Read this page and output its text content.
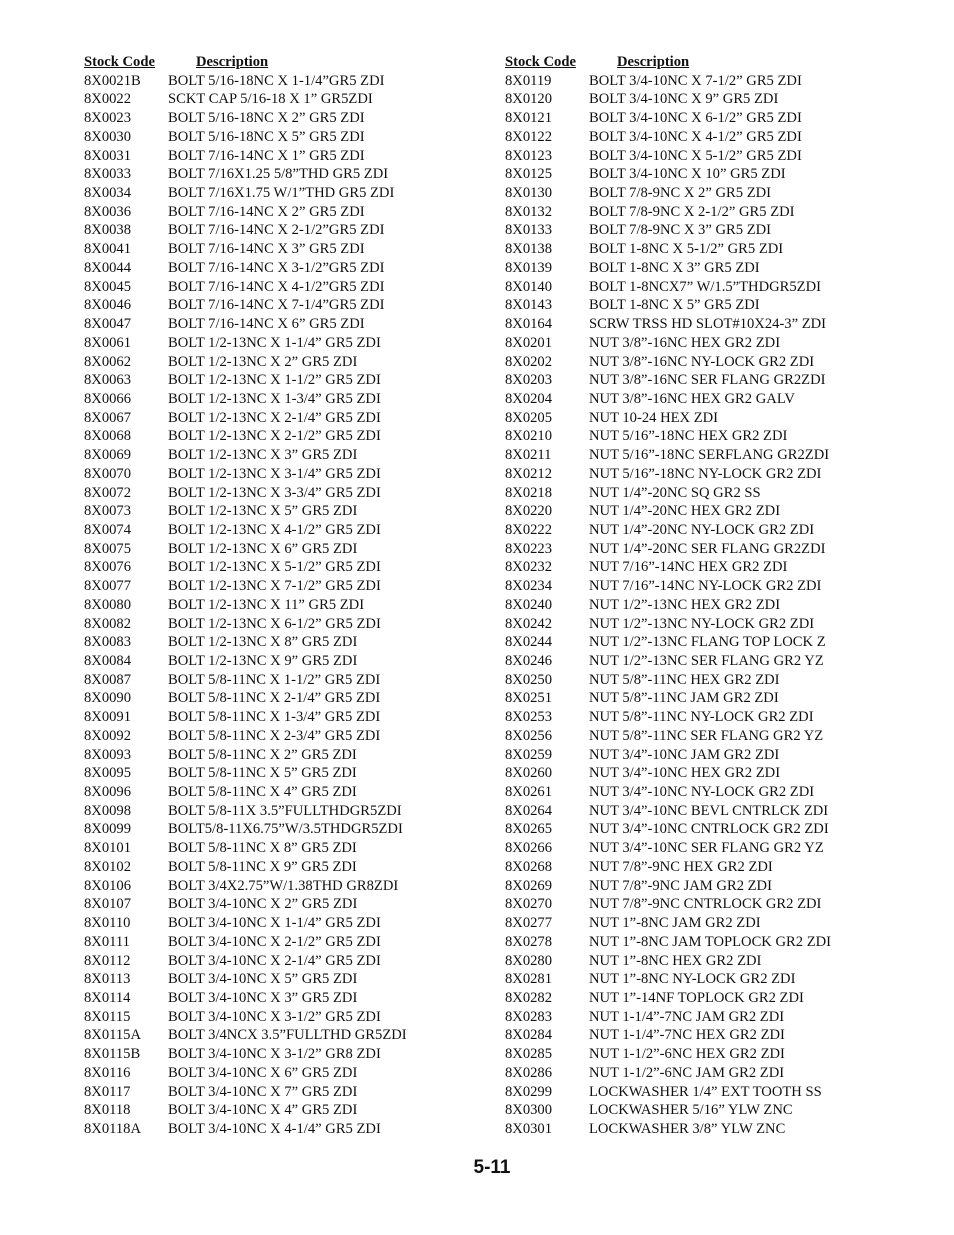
Stock Code	Description
8X0021B	BOLT 5/16-18NC X 1-1/4”GR5 ZDI
8X0022	SCKT CAP 5/16-18 X 1” GR5ZDI
8X0023	BOLT 5/16-18NC X 2” GR5 ZDI
8X0030	BOLT 5/16-18NC X 5” GR5 ZDI
8X0031	BOLT 7/16-14NC X 1” GR5 ZDI
8X0033	BOLT 7/16X1.25 5/8”THD GR5 ZDI
8X0034	BOLT 7/16X1.75 W/1”THD GR5 ZDI
8X0036	BOLT 7/16-14NC X 2” GR5 ZDI
8X0038	BOLT 7/16-14NC X 2-1/2”GR5 ZDI
8X0041	BOLT 7/16-14NC X 3” GR5 ZDI
8X0044	BOLT 7/16-14NC X 3-1/2”GR5 ZDI
8X0045	BOLT 7/16-14NC X 4-1/2”GR5 ZDI
8X0046	BOLT 7/16-14NC X 7-1/4”GR5 ZDI
8X0047	BOLT 7/16-14NC X 6” GR5 ZDI
8X0061	BOLT 1/2-13NC X 1-1/4” GR5 ZDI
8X0062	BOLT 1/2-13NC X 2” GR5 ZDI
8X0063	BOLT 1/2-13NC X 1-1/2” GR5 ZDI
8X0066	BOLT 1/2-13NC X 1-3/4” GR5 ZDI
8X0067	BOLT 1/2-13NC X 2-1/4” GR5 ZDI
8X0068	BOLT 1/2-13NC X 2-1/2” GR5 ZDI
8X0069	BOLT 1/2-13NC X 3” GR5 ZDI
8X0070	BOLT 1/2-13NC X 3-1/4” GR5 ZDI
8X0072	BOLT 1/2-13NC X 3-3/4” GR5 ZDI
8X0073	BOLT 1/2-13NC X 5” GR5 ZDI
8X0074	BOLT 1/2-13NC X 4-1/2” GR5 ZDI
8X0075	BOLT 1/2-13NC X 6” GR5 ZDI
8X0076	BOLT 1/2-13NC X 5-1/2” GR5 ZDI
8X0077	BOLT 1/2-13NC X 7-1/2” GR5 ZDI
8X0080	BOLT 1/2-13NC X 11” GR5 ZDI
8X0082	BOLT 1/2-13NC X 6-1/2” GR5 ZDI
8X0083	BOLT 1/2-13NC X 8” GR5 ZDI
8X0084	BOLT 1/2-13NC X 9” GR5 ZDI
8X0087	BOLT 5/8-11NC X 1-1/2” GR5 ZDI
8X0090	BOLT 5/8-11NC X 2-1/4” GR5 ZDI
8X0091	BOLT 5/8-11NC X 1-3/4” GR5 ZDI
8X0092	BOLT 5/8-11NC X 2-3/4” GR5 ZDI
8X0093	BOLT 5/8-11NC X 2” GR5 ZDI
8X0095	BOLT 5/8-11NC X 5” GR5 ZDI
8X0096	BOLT 5/8-11NC X 4” GR5 ZDI
8X0098	BOLT 5/8-11X 3.5”FULLTHDGR5ZDI
8X0099	BOLT5/8-11X6.75”W/3.5THDGR5ZDI
8X0101	BOLT 5/8-11NC X 8” GR5 ZDI
8X0102	BOLT 5/8-11NC X 9” GR5 ZDI
8X0106	BOLT 3/4X2.75”W/1.38THD GR8ZDI
8X0107	BOLT 3/4-10NC X 2” GR5 ZDI
8X0110	BOLT 3/4-10NC X 1-1/4” GR5 ZDI
8X0111	BOLT 3/4-10NC X 2-1/2” GR5 ZDI
8X0112	BOLT 3/4-10NC X 2-1/4” GR5 ZDI
8X0113	BOLT 3/4-10NC X 5” GR5 ZDI
8X0114	BOLT 3/4-10NC X 3” GR5 ZDI
8X0115	BOLT 3/4-10NC X 3-1/2” GR5 ZDI
8X0115A	BOLT 3/4NCX 3.5”FULLTHD GR5ZDI
8X0115B	BOLT 3/4-10NC X 3-1/2” GR8 ZDI
8X0116	BOLT 3/4-10NC X 6” GR5 ZDI
8X0117	BOLT 3/4-10NC X 7” GR5 ZDI
8X0118	BOLT 3/4-10NC X 4” GR5 ZDI
8X0118A	BOLT 3/4-10NC X 4-1/4” GR5 ZDI
Stock Code	Description
8X0119	BOLT 3/4-10NC X 7-1/2” GR5 ZDI
8X0120	BOLT 3/4-10NC X 9” GR5 ZDI
8X0121	BOLT 3/4-10NC X 6-1/2” GR5 ZDI
8X0122	BOLT 3/4-10NC X 4-1/2” GR5 ZDI
8X0123	BOLT 3/4-10NC X 5-1/2” GR5 ZDI
8X0125	BOLT 3/4-10NC X 10” GR5 ZDI
8X0130	BOLT 7/8-9NC X 2” GR5 ZDI
8X0132	BOLT 7/8-9NC X 2-1/2” GR5 ZDI
8X0133	BOLT 7/8-9NC X 3” GR5 ZDI
8X0138	BOLT 1-8NC X 5-1/2” GR5 ZDI
8X0139	BOLT 1-8NC X 3” GR5 ZDI
8X0140	BOLT 1-8NCX7” W/1.5”THDGR5ZDI
8X0143	BOLT 1-8NC X 5” GR5 ZDI
8X0164	SCRW TRSS HD SLOT#10X24-3” ZDI
8X0201	NUT 3/8”-16NC HEX GR2 ZDI
8X0202	NUT 3/8”-16NC NY-LOCK GR2 ZDI
8X0203	NUT 3/8”-16NC SER FLANG GR2ZDI
8X0204	NUT 3/8”-16NC HEX GR2 GALV
8X0205	NUT 10-24 HEX ZDI
8X0210	NUT 5/16”-18NC HEX GR2 ZDI
8X0211	NUT 5/16”-18NC SERFLANG GR2ZDI
8X0212	NUT 5/16”-18NC NY-LOCK GR2 ZDI
8X0218	NUT 1/4”-20NC SQ GR2 SS
8X0220	NUT 1/4”-20NC HEX GR2 ZDI
8X0222	NUT 1/4”-20NC NY-LOCK GR2 ZDI
8X0223	NUT 1/4”-20NC SER FLANG GR2ZDI
8X0232	NUT 7/16”-14NC HEX GR2 ZDI
8X0234	NUT 7/16”-14NC NY-LOCK GR2 ZDI
8X0240	NUT 1/2”-13NC HEX GR2 ZDI
8X0242	NUT 1/2”-13NC NY-LOCK GR2 ZDI
8X0244	NUT 1/2”-13NC FLANG TOP LOCK Z
8X0246	NUT 1/2”-13NC SER FLANG GR2 YZ
8X0250	NUT 5/8”-11NC HEX GR2 ZDI
8X0251	NUT 5/8”-11NC JAM GR2 ZDI
8X0253	NUT 5/8”-11NC NY-LOCK GR2 ZDI
8X0256	NUT 5/8”-11NC SER FLANG GR2 YZ
8X0259	NUT 3/4”-10NC JAM GR2 ZDI
8X0260	NUT 3/4”-10NC HEX GR2 ZDI
8X0261	NUT 3/4”-10NC NY-LOCK GR2 ZDI
8X0264	NUT 3/4”-10NC BEVL CNTRLCK ZDI
8X0265	NUT 3/4”-10NC CNTRLOCK GR2 ZDI
8X0266	NUT 3/4”-10NC SER FLANG GR2 YZ
8X0268	NUT 7/8”-9NC HEX GR2 ZDI
8X0269	NUT 7/8”-9NC JAM GR2 ZDI
8X0270	NUT 7/8”-9NC CNTRLOCK GR2 ZDI
8X0277	NUT 1”-8NC JAM GR2 ZDI
8X0278	NUT 1”-8NC JAM TOPLOCK GR2 ZDI
8X0280	NUT 1”-8NC HEX GR2 ZDI
8X0281	NUT 1”-8NC NY-LOCK GR2 ZDI
8X0282	NUT 1”-14NF TOPLOCK GR2 ZDI
8X0283	NUT 1-1/4”-7NC JAM GR2 ZDI
8X0284	NUT 1-1/4”-7NC HEX GR2 ZDI
8X0285	NUT 1-1/2”-6NC HEX GR2 ZDI
8X0286	NUT 1-1/2”-6NC JAM GR2 ZDI
8X0299	LOCKWASHER 1/4” EXT TOOTH SS
8X0300	LOCKWASHER 5/16” YLW ZNC
8X0301	LOCKWASHER 3/8” YLW ZNC
5-11
